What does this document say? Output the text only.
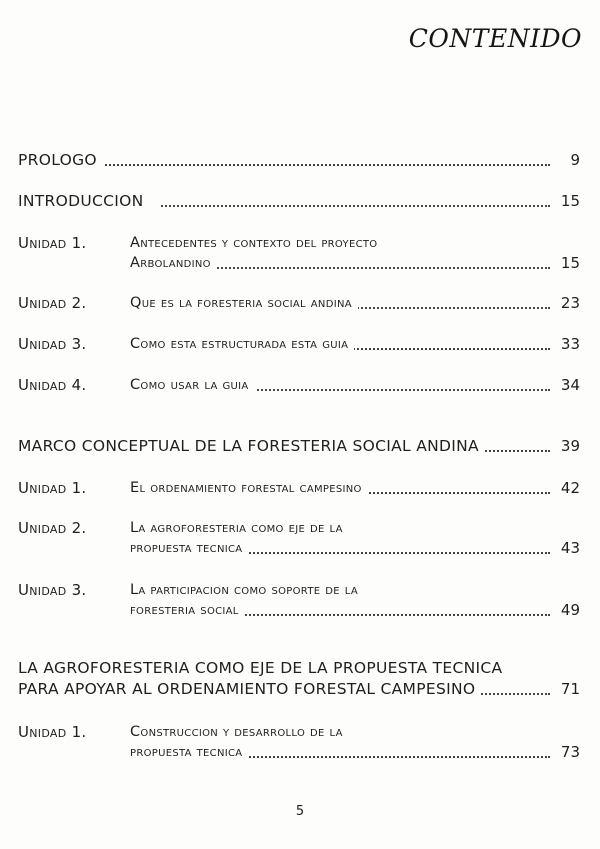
CONTENIDO
PROLOGO	9
INTRODUCCION	15
Unidad 1.	Antecedentes y contexto del proyecto
Arbolandino	15
Unidad 2.	Que es la foresteria social andina	23
Unidad 3.	Como esta estructurada esta guia	33
Unidad 4.	Como usar la guia	34
MARCO CONCEPTUAL DE LA FORESTERIA SOCIAL ANDINA	39
Unidad 1.	El ordenamiento forestal campesino	42
Unidad 2.	La agroforesteria como eje de la
propuesta tecnica	43
Unidad 3.	La participacion como soporte de la
foresteria social	49
LA AGROFORESTERIA COMO EJE DE LA PROPUESTA TECNICA
PARA APOYAR AL ORDENAMIENTO FORESTAL CAMPESINO	71
Unidad 1.	Construccion y desarrollo de la
propuesta tecnica	73
5
